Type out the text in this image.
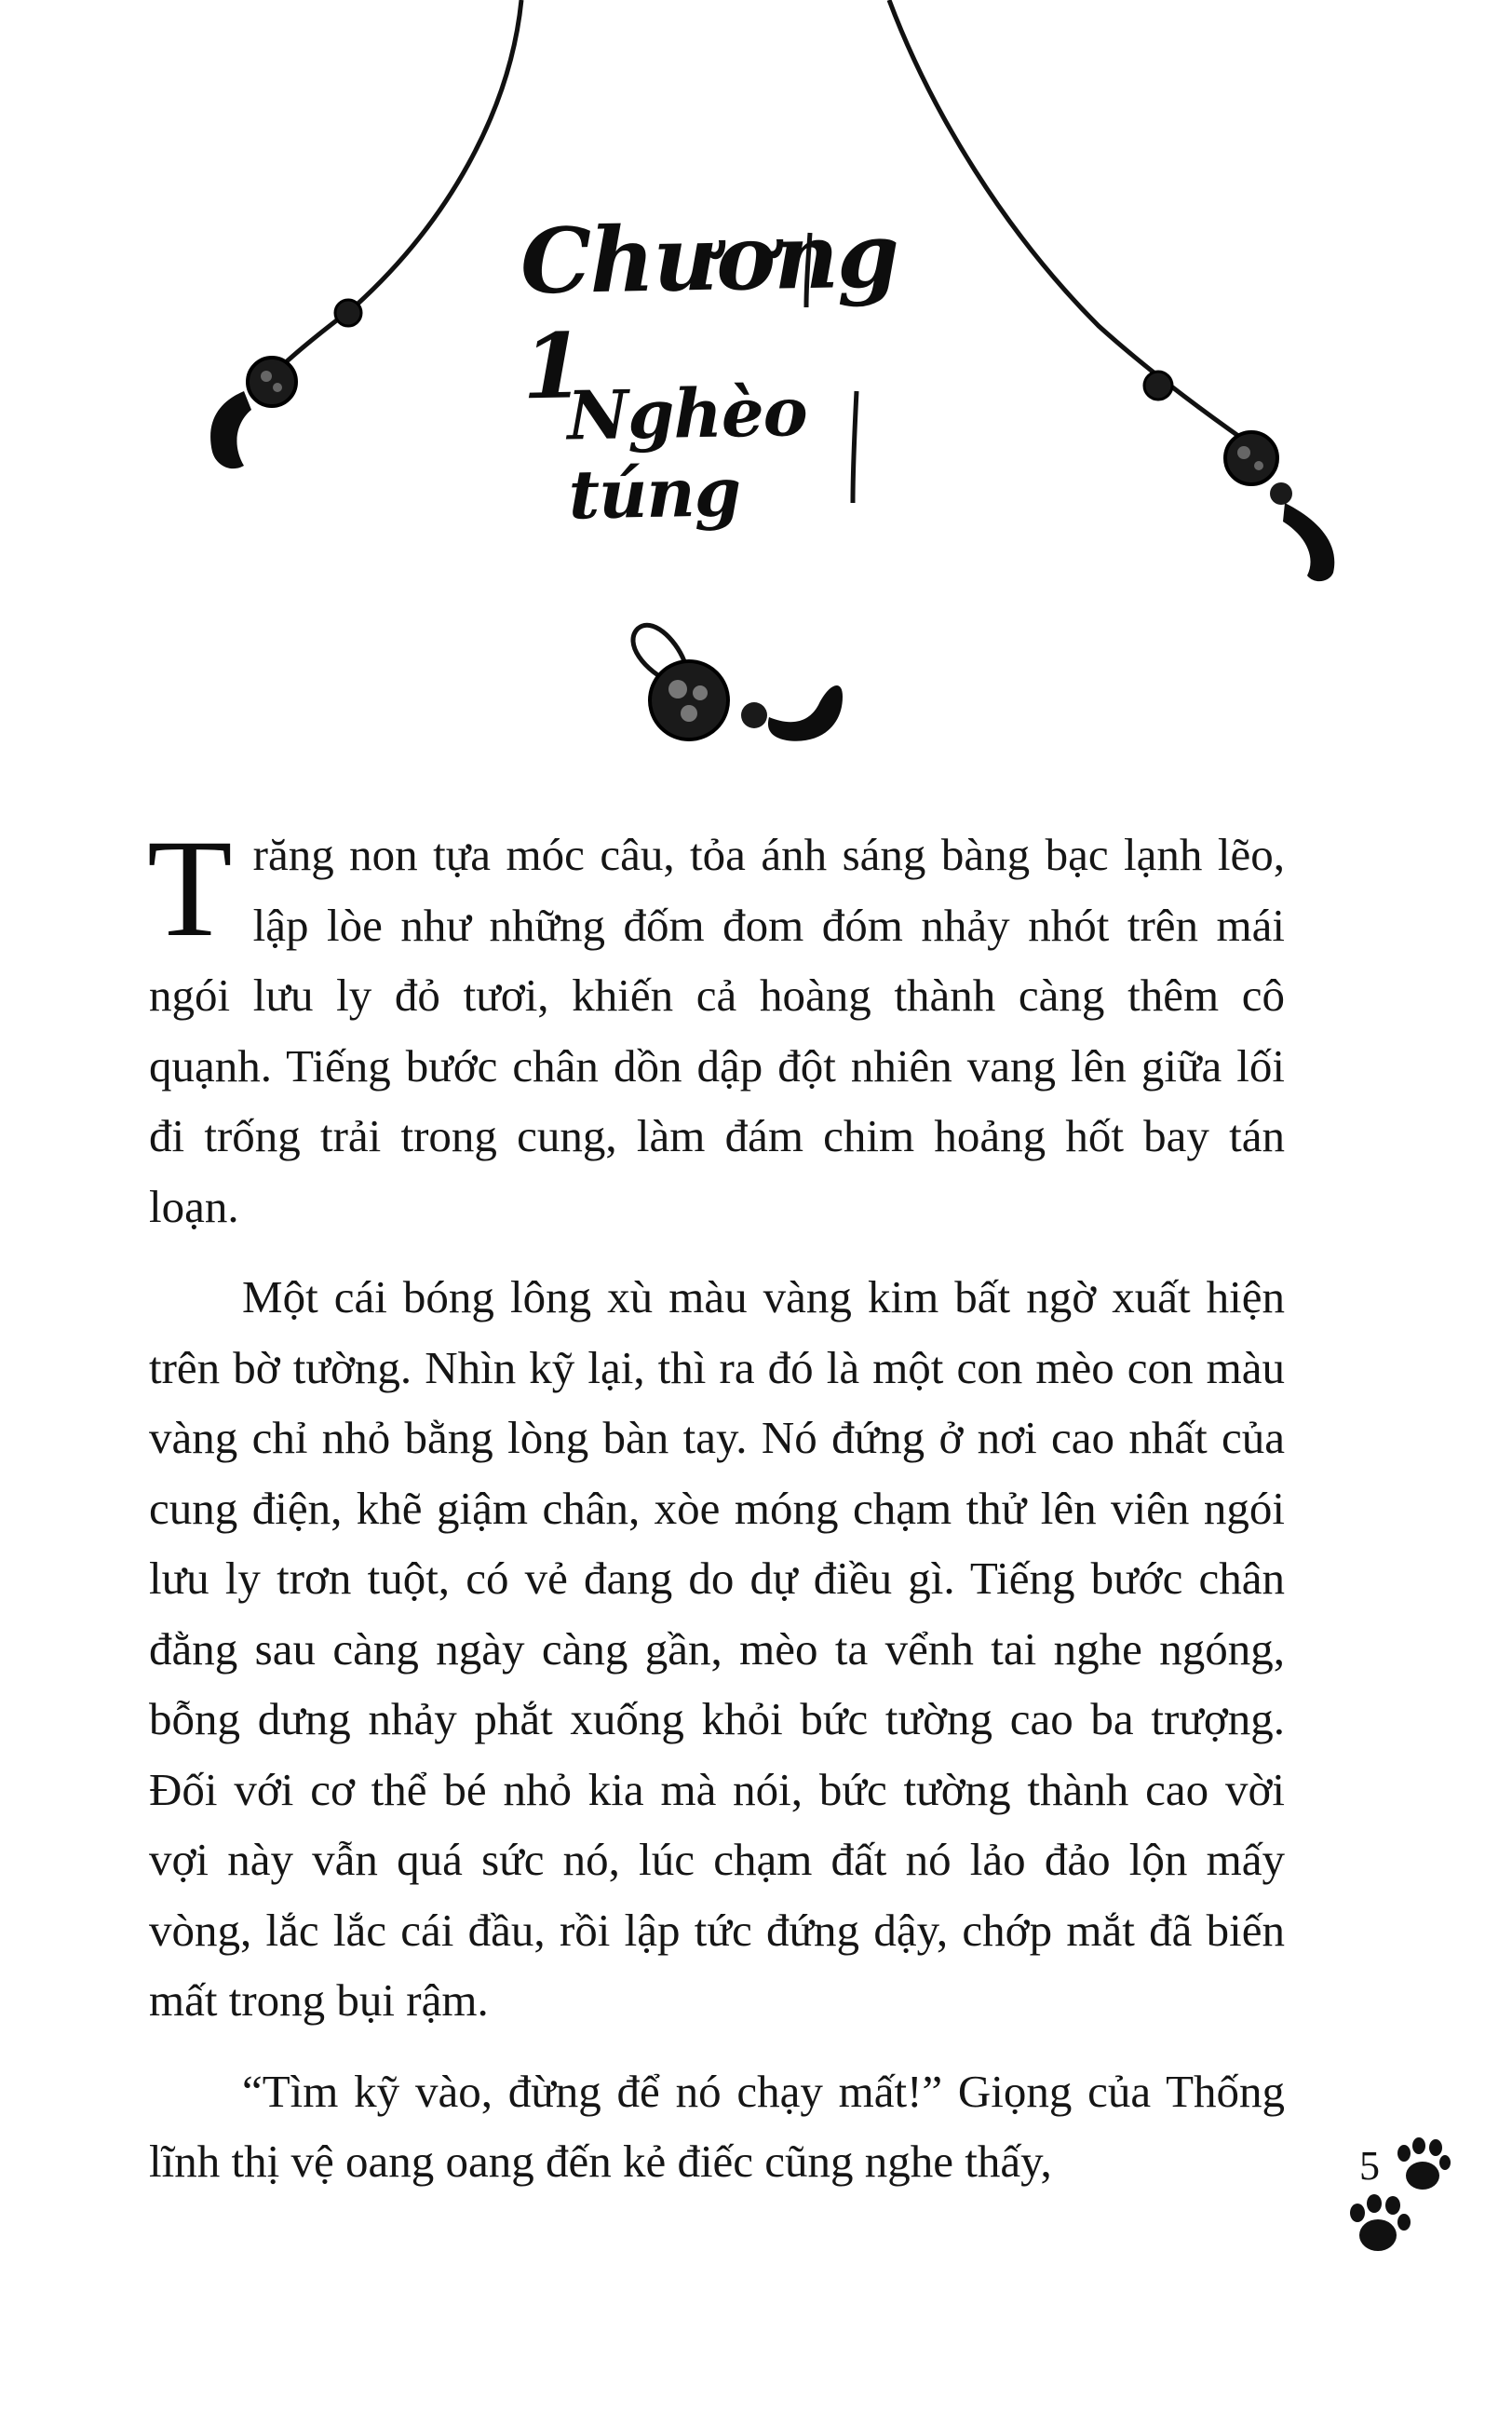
Chương 1
Nghèo túng

Trăng non tựa móc câu, tỏa ánh sáng bàng bạc lạnh lẽo, lập lòe như những đốm đom đóm nhảy nhót trên mái ngói lưu ly đỏ tươi, khiến cả hoàng thành càng thêm cô quạnh. Tiếng bước chân dồn dập đột nhiên vang lên giữa lối đi trống trải trong cung, làm đám chim hoảng hốt bay tán loạn.

Một cái bóng lông xù màu vàng kim bất ngờ xuất hiện trên bờ tường. Nhìn kỹ lại, thì ra đó là một con mèo con màu vàng chỉ nhỏ bằng lòng bàn tay. Nó đứng ở nơi cao nhất của cung điện, khẽ giậm chân, xòe móng chạm thử lên viên ngói lưu ly trơn tuột, có vẻ đang do dự điều gì. Tiếng bước chân đằng sau càng ngày càng gần, mèo ta vểnh tai nghe ngóng, bỗng dưng nhảy phắt xuống khỏi bức tường cao ba trượng. Đối với cơ thể bé nhỏ kia mà nói, bức tường thành cao vời vợi này vẫn quá sức nó, lúc chạm đất nó lảo đảo lộn mấy vòng, lắc lắc cái đầu, rồi lập tức đứng dậy, chớp mắt đã biến mất trong bụi rậm.

“Tìm kỹ vào, đừng để nó chạy mất!” Giọng của Thống lĩnh thị vệ oang oang đến kẻ điếc cũng nghe thấy,	5
